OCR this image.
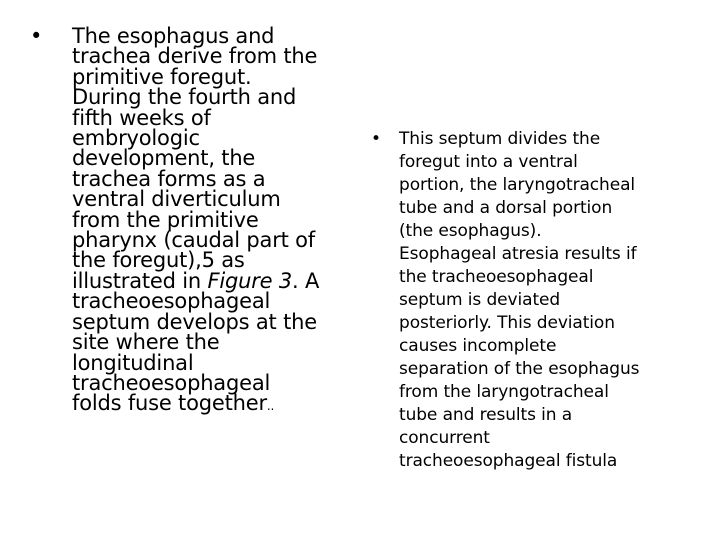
• The esophagus and
trachea derive from the
primitive foregut.
During the fourth and
fifth weeks of
embryologic
development, the
trachea forms as a
ventral diverticulum
from the primitive
pharynx (caudal part of
the foregut),5 as
illustrated in Figure 3. A
tracheoesophageal
septum develops at the
site where the
longitudinal
tracheoesophageal
folds fuse together..
• This septum divides the
foregut into a ventral
portion, the laryngotracheal
tube and a dorsal portion
(the esophagus).
Esophageal atresia results if
the tracheoesophageal
septum is deviated
posteriorly. This deviation
causes incomplete
separation of the esophagus
from the laryngotracheal
tube and results in a
concurrent
tracheoesophageal fistula
